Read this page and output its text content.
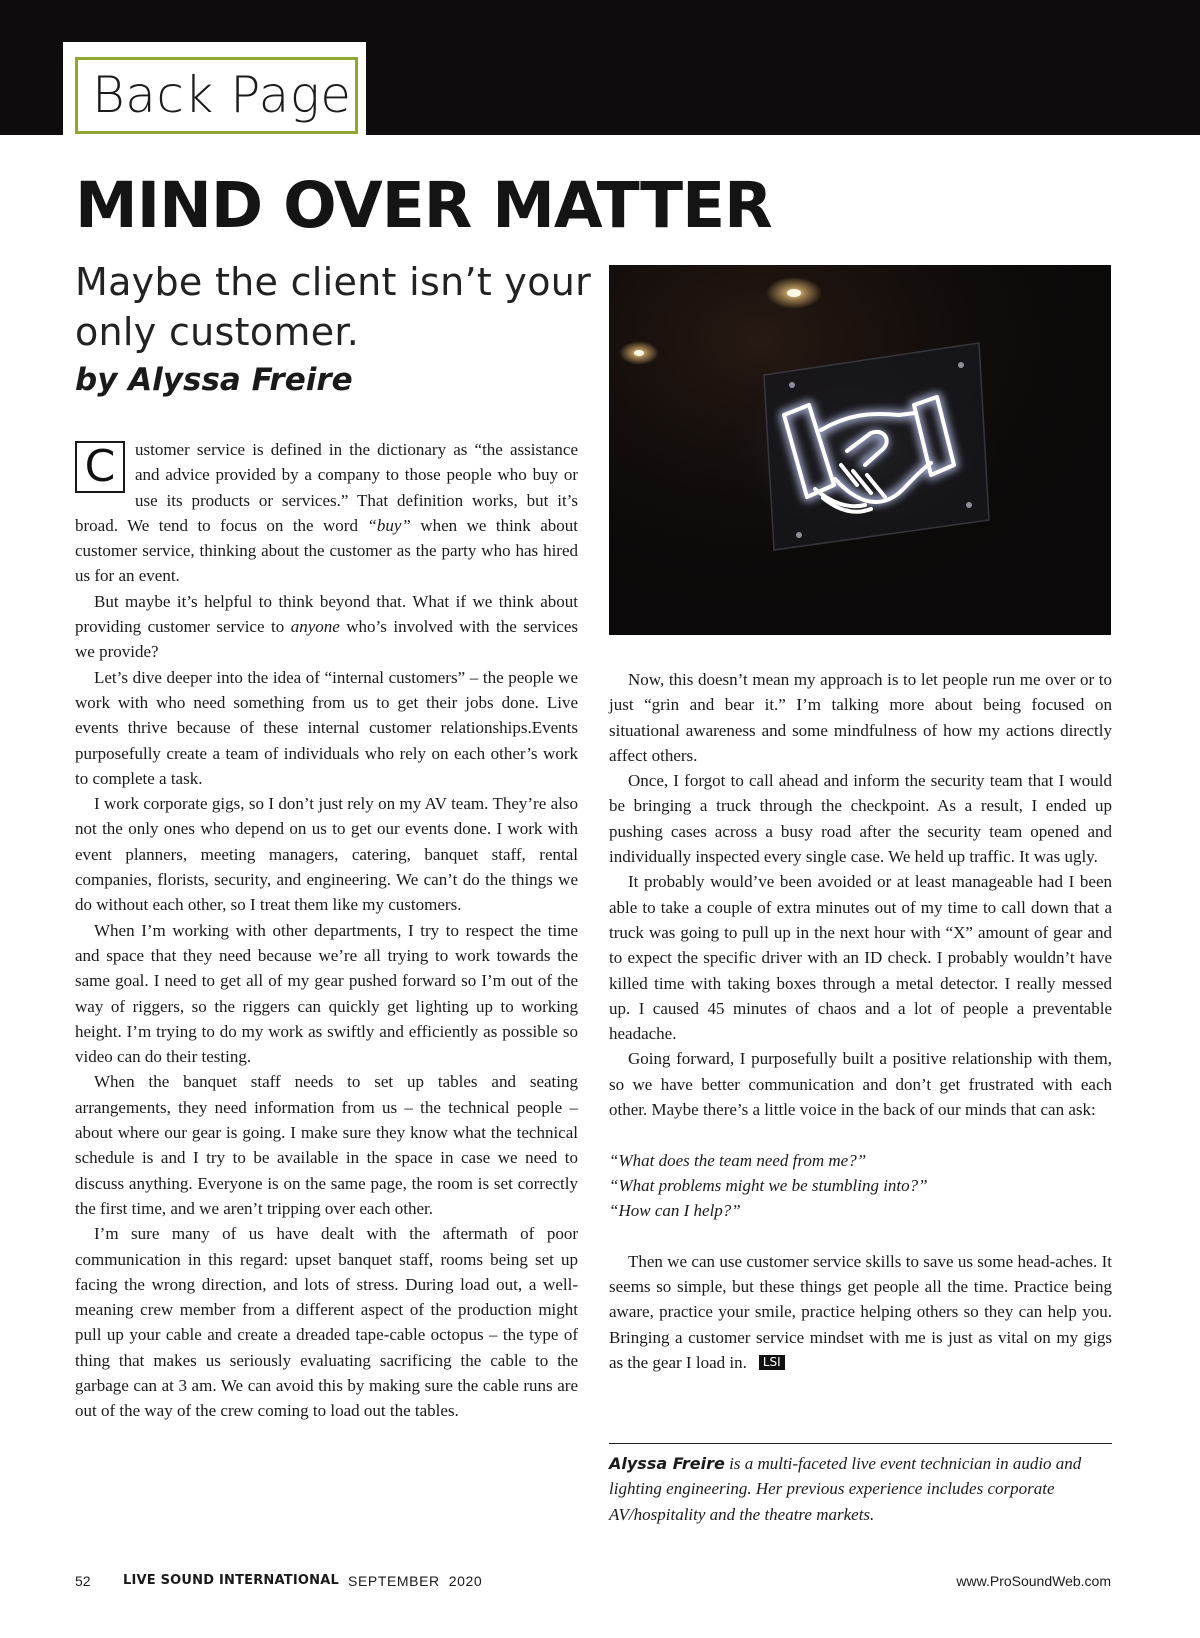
Back Page
MIND OVER MATTER
Maybe the client isn’t your only customer.
by Alyssa Freire

C	ustomer service is defined in the dictionary as “the assistance and advice provided by a company to those people who buy or use its products or services.” That definition works, but it’s broad. We tend to focus on the word “buy” when we think about customer service, thinking about the customer as the party who has hired us for an event.

But maybe it’s helpful to think beyond that. What if we think about providing customer service to anyone who’s involved with the services we provide?

Let’s dive deeper into the idea of “internal customers” – the people we work with who need something from us to get their jobs done. Live events thrive because of these internal customer relationships.Events purposefully create a team of individuals who rely on each other’s work to complete a task.

I work corporate gigs, so I don’t just rely on my AV team. They’re also not the only ones who depend on us to get our events done. I work with event planners, meeting managers, catering, banquet staff, rental companies, florists, security, and engineering. We can’t do the things we do without each other, so I treat them like my customers.

When I’m working with other departments, I try to respect the time and space that they need because we’re all trying to work towards the same goal. I need to get all of my gear pushed forward so I’m out of the way of riggers, so the riggers can quickly get lighting up to working height. I’m trying to do my work as swiftly and efficiently as possible so video can do their testing.

When the banquet staff needs to set up tables and seating arrangements, they need information from us – the technical people – about where our gear is going. I make sure they know what the technical schedule is and I try to be available in the space in case we need to discuss anything. Everyone is on the same page, the room is set correctly the first time, and we aren’t tripping over each other.

I’m sure many of us have dealt with the aftermath of poor communication in this regard: upset banquet staff, rooms being set up facing the wrong direction, and lots of stress. During load out, a well-meaning crew member from a different aspect of the production might pull up your cable and create a dreaded tape-cable octopus – the type of thing that makes us seriously evaluating sacrificing the cable to the garbage can at 3 am. We can avoid this by making sure the cable runs are out of the way of the crew coming to load out the tables.

Now, this doesn’t mean my approach is to let people run me over or to just “grin and bear it.” I’m talking more about being focused on situational awareness and some mindfulness of how my actions directly affect others.

Once, I forgot to call ahead and inform the security team that I would be bringing a truck through the checkpoint. As a result, I ended up pushing cases across a busy road after the security team opened and individually inspected every single case. We held up traffic. It was ugly.

It probably would’ve been avoided or at least manageable had I been able to take a couple of extra minutes out of my time to call down that a truck was going to pull up in the next hour with “X” amount of gear and to expect the specific driver with an ID check. I probably wouldn’t have killed time with taking boxes through a metal detector. I really messed up. I caused 45 minutes of chaos and a lot of people a preventable headache.

Going forward, I purposefully built a positive relationship with them, so we have better communication and don’t get frustrated with each other. Maybe there’s a little voice in the back of our minds that can ask:

“What does the team need from me?”

“What problems might we be stumbling into?”

“How can I help?”

Then we can use customer service skills to save us some head-aches. It seems so simple, but these things get people all the time. Practice being aware, practice your smile, practice helping others so they can help you. Bringing a customer service mindset with me is just as vital on my gigs as the gear I load in. LSI

Alyssa Freire is a multi-faceted live event technician in audio and lighting engineering. Her previous experience includes corporate AV/hospitality and the theatre markets.

52 LIVE SOUND INTERNATIONAL SEPTEMBER  2020	www.ProSoundWeb.com
